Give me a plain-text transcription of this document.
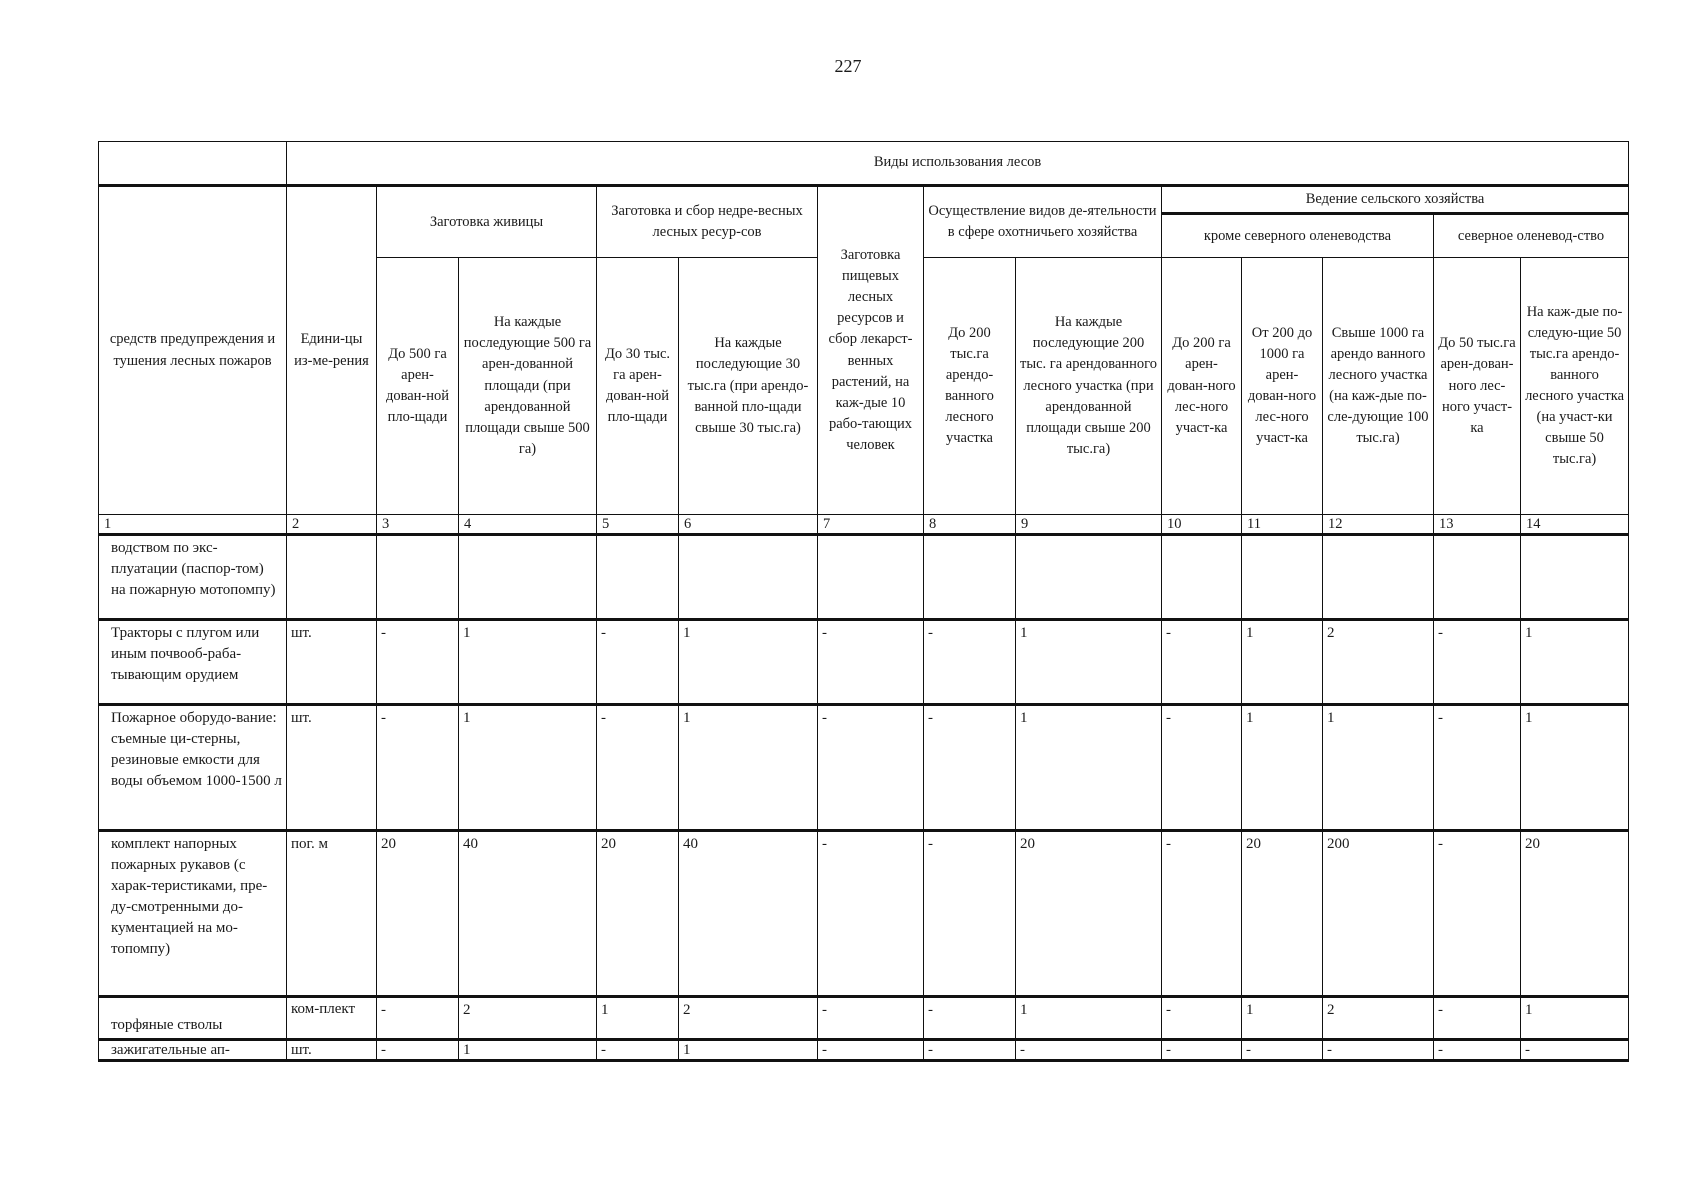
227
	Виды использования лесов												
средств предупреждения и тушения лесных пожаров	Едини-цы из-ме-рения	Заготовка живицы		Заготовка и сбор недре-весных лесных ресур-сов		Заготовка пищевых лесных ресурсов и сбор лекарст-венных растений, на каж-дые 10 рабо-тающих человек	Осуществление видов де-ятельности в сфере охотничьего хозяйства		Ведение сельского хозяйства				
									кроме северного оленеводства			северное оленевод-ство	
		До 500 га арен-дован-ной пло-щади	На каждые последующие 500 га арен-дованной площади (при арендованной площади свыше 500 га)	До 30 тыс. га арен-дован-ной пло-щади	На каждые последующие 30 тыс.га (при арендо-ванной пло-щади свыше 30 тыс.га)		До 200 тыс.га арендо-ванного лесного участка	На каждые последующие 200 тыс. га арендованного лесного участка (при арендованной площади свыше 200 тыс.га)	До 200 га арен-дован-ного лес-ного участ-ка	От 200 до 1000 га арен-дован-ного лес-ного участ-ка	Свыше 1000 га арендо ванного лесного участка (на каж-дые по-сле-дующие 100 тыс.га)	До 50 тыс.га арен-дован-ного лес-ного участ-ка	На каж-дые по-следую-щие 50 тыс.га арендо-ванного лесного участка (на участ-ки свыше 50 тыс.га)
1	2	3	4	5	6	7	8	9	10	11	12	13	14
водством по экс-плуатации (паспор-том) на пожарную мотопомпу)													
Тракторы с плугом или иным почвооб-раба-тывающим орудием	шт.	-	1	-	1	-	-	1	-	1	2	-	1
Пожарное оборудо-вание: съемные ци-стерны, резиновые емкости для воды объемом 1000-1500 л	шт.	-	1	-	1	-	-	1	-	1	1	-	1
комплект напорных пожарных рукавов (с харак-теристиками, пре-ду-смотренными до-кументацией на мо-топомпу)	пог. м	20	40	20	40	-	-	20	-	20	200	-	20
торфяные стволы	ком-плект	-	2	1	2	-	-	1	-	1	2	-	1
зажигательные ап-	шт.	-	1	-	1	-	-	-	-	-	-	-	-
